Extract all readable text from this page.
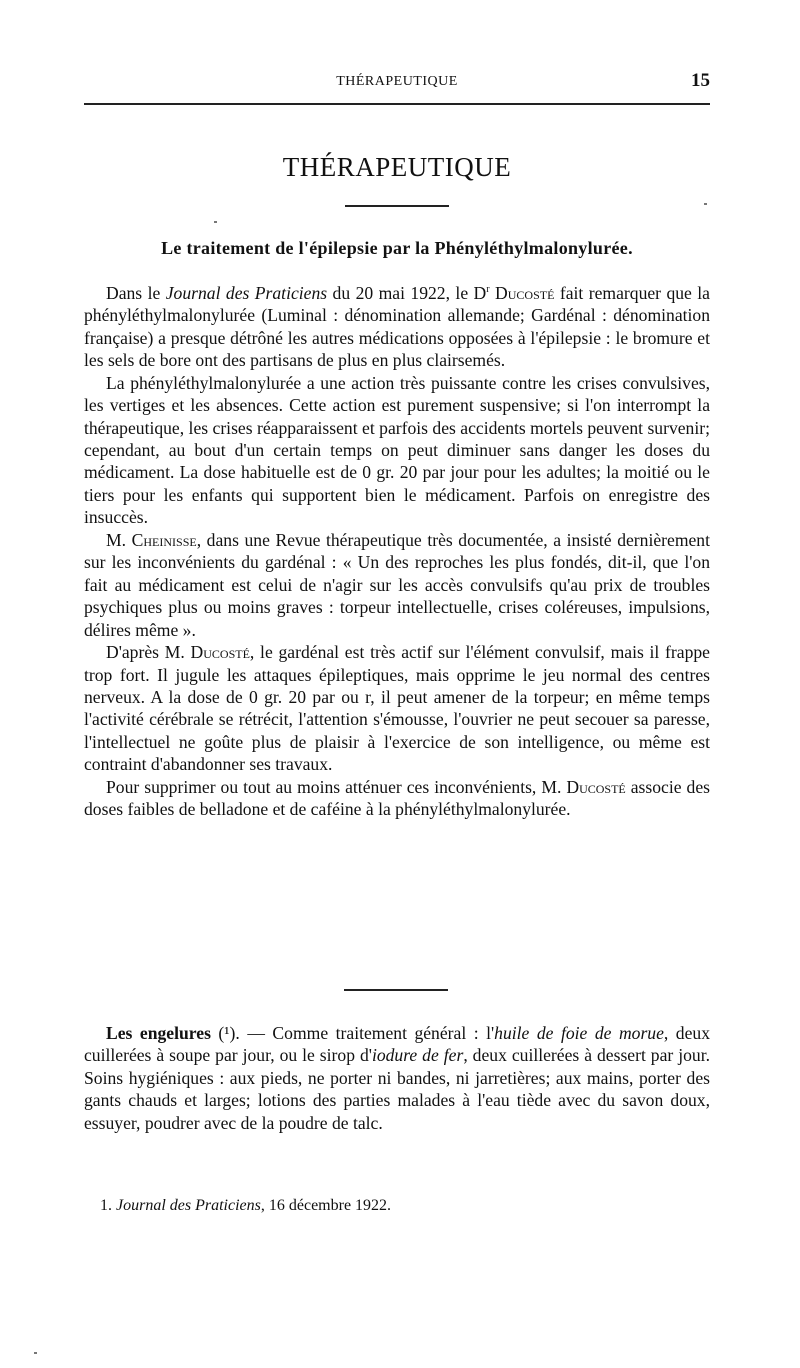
THÉRAPEUTIQUE	15
THÉRAPEUTIQUE
Le traitement de l'épilepsie par la Phényléthylmalonylurée.

Dans le Journal des Praticiens du 20 mai 1922, le $D^r$ Ducosté fait remarquer que la phényléthylmalonylurée (Luminal : dénomination allemande; Gardénal : dénomination française) a presque détrôné les autres médications opposées à l'épilepsie : le bromure et les sels de bore ont des partisans de plus en plus clairsemés.

La phényléthylmalonylurée a une action très puissante contre les crises convulsives, les vertiges et les absences. Cette action est purement suspensive; si l'on interrompt la thérapeutique, les crises réapparaissent et parfois des accidents mortels peuvent survenir; cependant, au bout d'un certain temps on peut diminuer sans danger les doses du médicament. La dose habituelle est de 0 gr. 20 par jour pour les adultes; la moitié ou le tiers pour les enfants qui supportent bien le médicament. Parfois on enregistre des insuccès.

M. Cheinisse, dans une Revue thérapeutique très documentée, a insisté dernièrement sur les inconvénients du gardénal : « Un des reproches les plus fondés, dit-il, que l'on fait au médicament est celui de n'agir sur les accès convulsifs qu'au prix de troubles psychiques plus ou moins graves : torpeur intellectuelle, crises coléreuses, impulsions, délires même ».

D'après M. Ducosté, le gardénal est très actif sur l'élément convulsif, mais il frappe trop fort. Il jugule les attaques épileptiques, mais opprime le jeu normal des centres nerveux. A la dose de 0 gr. 20 par ou r, il peut amener de la torpeur; en même temps l'activité cérébrale se rétrécit, l'attention s'émousse, l'ouvrier ne peut secouer sa paresse, l'intellectuel ne goûte plus de plaisir à l'exercice de son intelligence, ou même est contraint d'abandonner ses travaux.

Pour supprimer ou tout au moins atténuer ces inconvénients, M. Ducosté associe des doses faibles de belladone et de caféine à la phényléthylmalonylurée.

Les engelures (¹). — Comme traitement général : l'huile de foie de morue, deux cuillerées à soupe par jour, ou le sirop d'iodure de fer, deux cuillerées à dessert par jour. Soins hygiéniques : aux pieds, ne porter ni bandes, ni jarretières; aux mains, porter des gants chauds et larges; lotions des parties malades à l'eau tiède avec du savon doux, essuyer, poudrer avec de la poudre de talc.

1. Journal des Praticiens, 16 décembre 1922.
